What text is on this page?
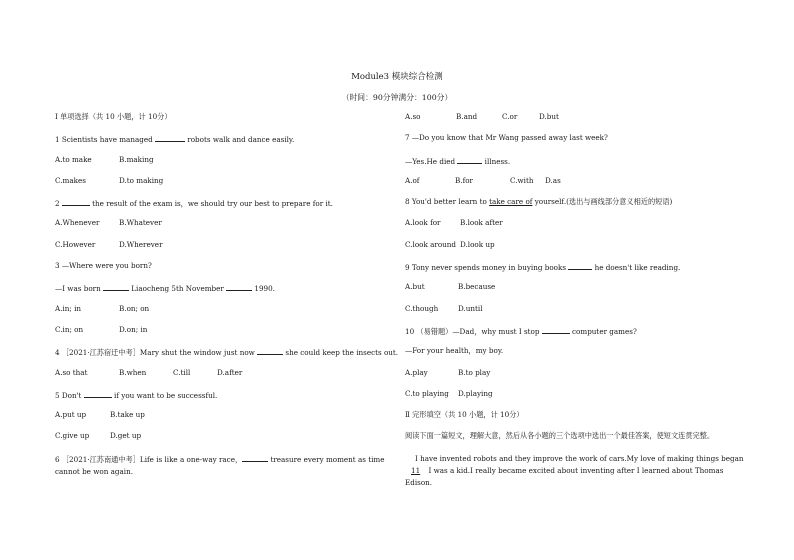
Module3 模块综合检测
（时间：90分钟满分：100分）
Ⅰ 单项选择（共 10 小题，计 10分）
1 Scientists have managed	robots walk and dance easily.
A.to make	B.making
C.makes	D.to making
2	the result of the exam is，we should try our best to prepare for it.
A.Whenever	B.Whatever
C.However	D.Wherever
3 —Where were you born?
—I was born	Liaocheng 5th November	1990.
A.in; in	B.on; on
C.in; on	D.on; in
4 ［2021·江苏宿迁中考］Mary shut the window just now	she could keep the insects out.
A.so that	B.when	C.till	D.after
5 Don't	if you want to be successful.
A.put up	B.take up
C.give up	D.get up
6 ［2021·江苏南通中考］Life is like a one-way race，	treasure every moment as time cannot be won again.
A.so	B.and	C.or	D.but
7 —Do you know that Mr Wang passed away last week?
—Yes.He died	illness.
A.of	B.for	C.with D.as
8 You'd better learn to take care of yourself.(选出与画线部分意义相近的短语)
A.look for	B.look after
C.look around D.look up
9 Tony never spends money in buying books	he doesn't like reading.
A.but	B.because
C.though	D.until
10 （易错题）—Dad，why must I stop	computer games?
—For your health，my boy.
A.play	B.to play
C.to playing D.playing
Ⅱ 完形填空（共 10 小题，计 10分）
阅读下面一篇短文，理解大意，然后从各小题的三个选项中选出一个最佳答案，使短文连贯完整。
I have invented robots and they improve the work of cars.My love of making things began 11 I was a kid.I really became excited about inventing after I learned about Thomas Edison.
